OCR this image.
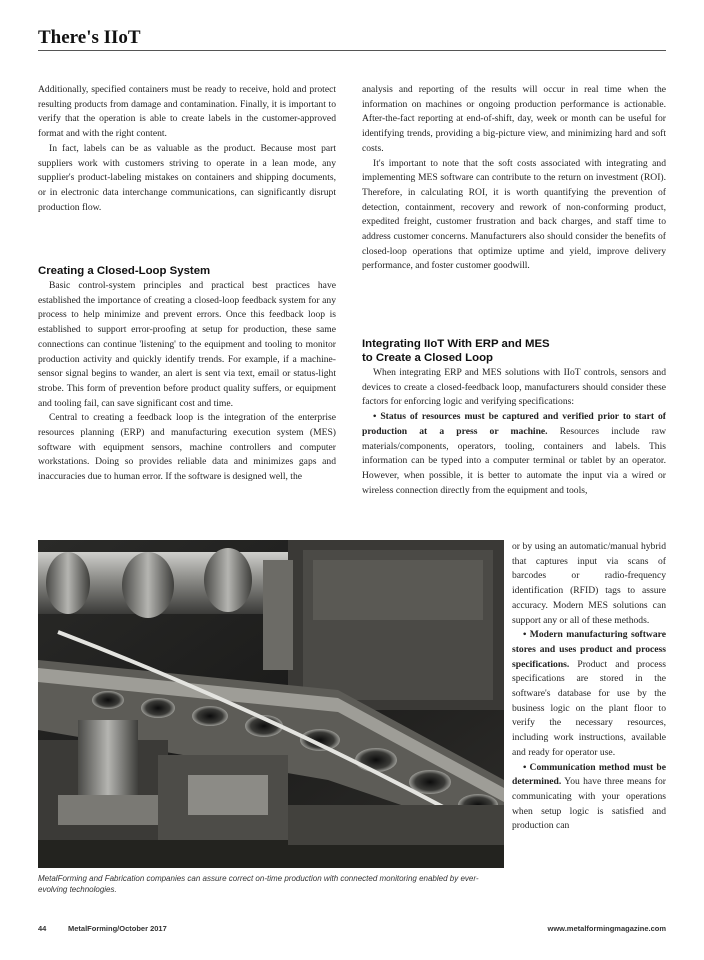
There's IIoT

Additionally, specified containers must be ready to receive, hold and protect resulting products from damage and contamination. Finally, it is important to verify that the operation is able to create labels in the customer-approved format and with the right content.

In fact, labels can be as valuable as the product. Because most part suppliers work with customers striving to operate in a lean mode, any supplier's product-labeling mistakes on containers and shipping documents, or in electronic data interchange communications, can significantly disrupt production flow.

Creating a Closed-Loop System

Basic control-system principles and practical best practices have established the importance of creating a closed-loop feedback system for any process to help minimize and prevent errors. Once this feedback loop is established to support error-proofing at setup for production, these same connections can continue 'listening' to the equipment and tooling to monitor production activity and quickly identify trends. For example, if a machine-sensor signal begins to wander, an alert is sent via text, email or status-light strobe. This form of prevention before product quality suffers, or equipment and tooling fail, can save significant cost and time.

Central to creating a feedback loop is the integration of the enterprise resources planning (ERP) and manufacturing execution system (MES) software with equipment sensors, machine controllers and computer workstations. Doing so provides reliable data and minimizes gaps and inaccuracies due to human error. If the software is designed well, the

analysis and reporting of the results will occur in real time when the information on machines or ongoing production performance is actionable. After-the-fact reporting at end-of-shift, day, week or month can be useful for identifying trends, providing a big-picture view, and minimizing hard and soft costs.

It's important to note that the soft costs associated with integrating and implementing MES software can contribute to the return on investment (ROI). Therefore, in calculating ROI, it is worth quantifying the prevention of detection, containment, recovery and rework of non-conforming product, expedited freight, customer frustration and back charges, and staff time to address customer concerns. Manufacturers also should consider the benefits of closed-loop operations that optimize uptime and yield, improve delivery performance, and foster customer goodwill.

Integrating IIoT With ERP and MES
to Create a Closed Loop

When integrating ERP and MES solutions with IIoT controls, sensors and devices to create a closed-feedback loop, manufacturers should consider these factors for enforcing logic and verifying specifications:

• Status of resources must be captured and verified prior to start of production at a press or machine. Resources include raw materials/components, operators, tooling, containers and labels. This information can be typed into a computer terminal or tablet by an operator. However, when possible, it is better to automate the input via a wired or wireless connection directly from the equipment and tools,

or by using an automatic/manual hybrid that captures input via scans of barcodes or radio-frequency identification (RFID) tags to assure accuracy. Modern MES solutions can support any or all of these methods.

• Modern manufacturing software stores and uses product and process specifications. Product and process specifications are stored in the software's database for use by the business logic on the plant floor to verify the necessary resources, including work instructions, available and ready for operator use.

• Communication method must be determined. You have three means for communicating with your operations when setup logic is satisfied and production can

MetalForming and Fabrication companies can assure correct on-time production with connected monitoring enabled by ever-evolving technologies.
44	MetalForming/October 2017	www.metalformingmagazine.com
